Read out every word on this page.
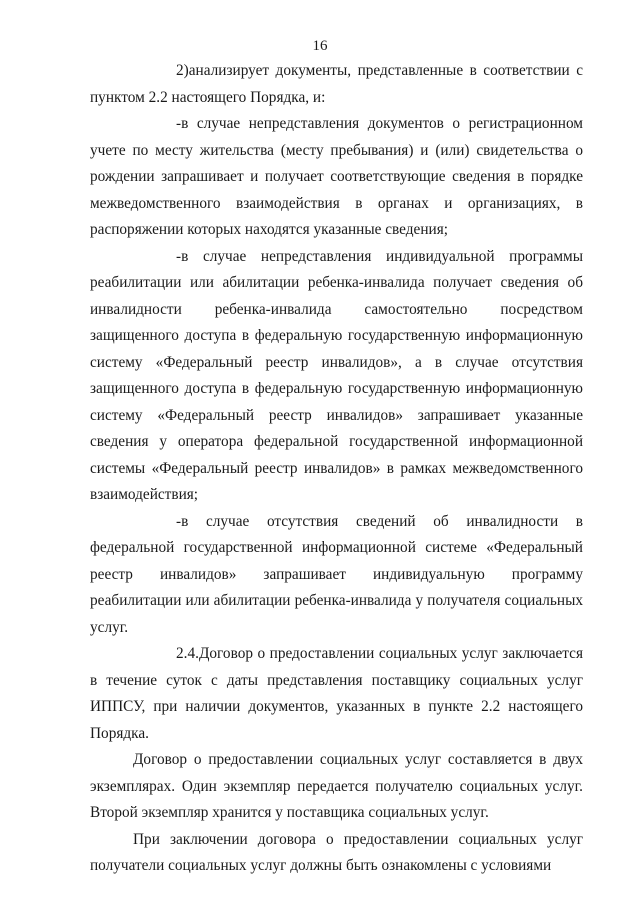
16

2)анализирует документы, представленные в соответствии с пунктом 2.2 настоящего Порядка, и:

-в случае непредставления документов о регистрационном учете по месту жительства (месту пребывания) и (или) свидетельства о рождении запрашивает и получает соответствующие сведения в порядке межведомственного взаимодействия в органах и организациях, в распоряжении которых находятся указанные сведения;

-в случае непредставления индивидуальной программы реабилитации или абилитации ребенка-инвалида получает сведения об инвалидности ребенка-инвалида самостоятельно посредством защищенного доступа в федеральную государственную информационную систему «Федеральный реестр инвалидов», а в случае отсутствия защищенного доступа в федеральную государственную информационную систему «Федеральный реестр инвалидов» запрашивает указанные сведения у оператора федеральной государственной информационной системы «Федеральный реестр инвалидов» в рамках межведомственного взаимодействия;

-в случае отсутствия сведений об инвалидности в федеральной государственной информационной системе «Федеральный реестр инвалидов» запрашивает индивидуальную программу реабилитации или абилитации ребенка-инвалида у получателя социальных услуг.

2.4.Договор о предоставлении социальных услуг заключается в течение суток с даты представления поставщику социальных услуг ИППСУ, при наличии документов, указанных в пункте 2.2 настоящего Порядка.

Договор о предоставлении социальных услуг составляется в двух экземплярах. Один экземпляр передается получателю социальных услуг. Второй экземпляр хранится у поставщика социальных услуг.

При заключении договора о предоставлении социальных услуг получатели социальных услуг должны быть ознакомлены с условиями
